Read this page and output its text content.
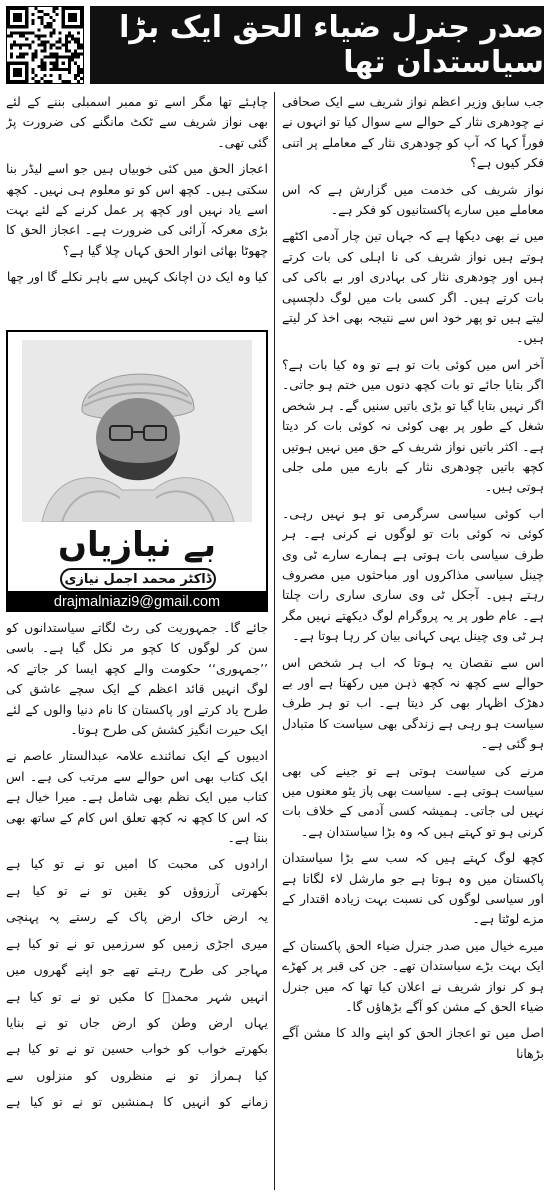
صدر جنرل ضیاء الحق ایک بڑا سیاستدان تھا

جب سابق وزیر اعظم نواز شریف سے ایک صحافی نے چودھری نثار کے حوالے سے سوال کیا تو انہوں نے فوراً کہا کہ آپ کو چودھری نثار کے معاملے پر اتنی فکر کیوں ہے؟

نواز شریف کی خدمت میں گزارش ہے کہ اس معاملے میں سارے پاکستانیوں کو فکر ہے۔

میں نے بھی دیکھا ہے کہ جہاں تین چار آدمی اکٹھے ہوتے ہیں نواز شریف کی نا اہلی کی بات کرتے ہیں اور چودھری نثار کی بہادری اور بے باکی کی بات کرتے ہیں۔ اگر کسی بات میں لوگ دلچسپی لیتے ہیں تو پھر خود اس سے نتیجہ بھی اخذ کر لیتے ہیں۔

آخر اس میں کوئی بات تو ہے تو وہ کیا بات ہے؟ اگر بتایا جائے تو بات کچھ دنوں میں ختم ہو جاتی۔ اگر نہیں بتایا گیا تو بڑی باتیں سنیں گے۔ ہر شخص شغل کے طور پر بھی کوئی نہ کوئی بات کر دیتا ہے۔ اکثر باتیں نواز شریف کے حق میں نہیں ہوتیں کچھ باتیں چودھری نثار کے بارے میں ملی جلی ہوتی ہیں۔

اب کوئی سیاسی سرگرمی تو ہو نہیں رہی۔ کوئی نہ کوئی بات تو لوگوں نے کرنی ہے۔ ہر طرف سیاسی بات ہوتی ہے ہمارے سارے ٹی وی چینل سیاسی مذاکروں اور مباحثوں میں مصروف رہتے ہیں۔ آجکل ٹی وی ساری ساری رات چلتا ہے۔ عام طور پر یہ پروگرام لوگ دیکھتے نہیں مگر ہر ٹی وی چینل یہی کہانی بیان کر رہا ہوتا ہے۔

اس سے نقصان یہ ہوتا کہ اب ہر شخص اس حوالے سے کچھ نہ کچھ ذہن میں رکھتا ہے اور بے دھڑک اظہار بھی کر دیتا ہے۔ اب تو ہر طرف سیاست ہو رہی ہے زندگی بھی سیاست کا متبادل ہو گئی ہے۔

مرنے کی سیاست ہوتی ہے تو جینے کی بھی سیاست ہوتی ہے۔ سیاست بھی پاز یٹو معنوں میں نہیں لی جاتی۔ ہمیشہ کسی آدمی کے خلاف بات کرنی ہو تو کہتے ہیں کہ وہ بڑا سیاستدان ہے۔

کچھ لوگ کہتے ہیں کہ سب سے بڑا سیاستدان پاکستان میں وہ ہوتا ہے جو مارشل لاء لگاتا ہے اور سیاسی لوگوں کی نسبت بہت زیادہ اقتدار کے مزے لوٹتا ہے۔

میرے خیال میں صدر جنرل ضیاء الحق پاکستان کے ایک بہت بڑے سیاستدان تھے۔ جن کی قبر پر کھڑے ہو کر نواز شریف نے اعلان کیا تھا کہ میں جنرل ضیاء الحق کے مشن کو آگے بڑھاؤں گا۔

اصل میں تو اعجاز الحق کو اپنے والد کا مشن آگے بڑھانا

چاہئے تھا مگر اسے تو ممبر اسمبلی بننے کے لئے بھی نواز شریف سے ٹکٹ مانگنے کی ضرورت پڑ گئی تھی۔

اعجاز الحق میں کئی خوبیاں ہیں جو اسے لیڈر بنا سکتی ہیں۔ کچھ اس کو تو معلوم ہی نہیں۔ کچھ اسے یاد نہیں اور کچھ پر عمل کرنے کے لئے بہت بڑی معرکہ آرائی کی ضرورت ہے۔ اعجاز الحق کا چھوٹا بھائی انوار الحق کہاں چلا گیا ہے؟

کیا وہ ایک دن اچانک کہیں سے باہر نکلے گا اور چھا

بے نیازیاں
ڈاکٹر محمد اجمل نیازی
drajmalniazi9@gmail.com

جائے گا۔ جمہوریت کی رٹ لگاتے سیاستدانوں کو سن کر لوگوں کا کچو مر نکل گیا ہے۔ باسی ’’جمہوری‘‘ حکومت والے کچھ ایسا کر جاتے کہ لوگ انہیں قائد اعظم کے ایک سچے عاشق کی طرح یاد کرتے اور پاکستان کا نام دنیا والوں کے لئے ایک حیرت انگیز کشش کی طرح ہوتا۔

ادیبوں کے ایک نمائندے علامہ عبدالستار عاصم نے ایک کتاب بھی اس حوالے سے مرتب کی ہے۔ اس کتاب میں ایک نظم بھی شامل ہے۔ میرا خیال ہے کہ اس کا کچھ نہ کچھ تعلق اس کام کے ساتھ بھی بنتا ہے۔

ارادوں کی محبت کا امیں تو نے تو کیا ہے

بکھرتی آرزوؤں کو یقین تو نے تو کیا ہے

یہ ارض خاک ارض پاک کے رستے پہ پہنچی

میری اجڑی زمیں کو سرزمیں تو نے تو کیا ہے

مہاجر کی طرح رہتے تھے جو اپنے گھروں میں

انہیں شہر محمدؐ کا مکیں تو نے تو کیا ہے

یہاں ارض وطن کو ارض جاں تو نے بنایا

بکھرتے خواب کو خواب حسین تو نے تو کیا ہے

کیا ہمراز تو نے منظروں کو منزلوں سے

زمانے کو انہیں کا ہمنشیں تو نے تو کیا ہے
